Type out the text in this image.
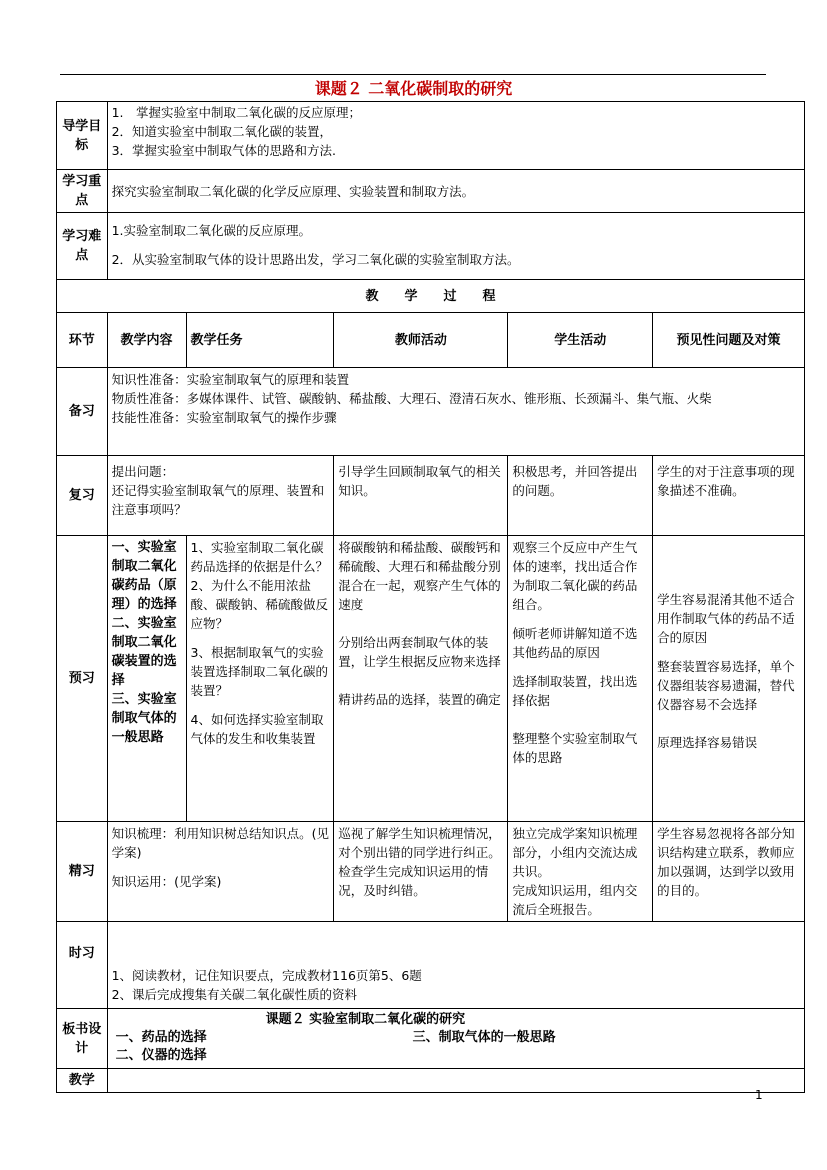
课题２ 二氧化碳制取的研究
导学目标	1.　掌握实验室中制取二氧化碳的反应原理；
2．知道实验室中制取二氧化碳的装置，
3．掌握实验室中制取气体的思路和方法.				

学习重点	探究实验室制取二氧化碳的化学反应原理、实验装置和制取方法。				
学习难点	1.实验室制取二氧化碳的反应原理。
2．从实验室制取气体的设计思路出发，学习二氧化碳的实验室制取方法。				

教　　学　　过　　程					
环节	教学内容	教学任务	教师活动	学生活动	预见性问题及对策
备习	知识性准备：实验室制取氧气的原理和装置
物质性准备：多媒体课件、试管、碳酸钠、稀盐酸、大理石、澄清石灰水、锥形瓶、长颈漏斗、集气瓶、火柴
技能性准备：实验室制取氧气的操作步骤				

复习	提出问题：
还记得实验室制取氧气的原理、装置和注意事项吗？		引导学生回顾制取氧气的相关知识。	积极思考，并回答提出的问题。	学生的对于注意事项的现象描述不准确。
预习	一、实验室制取二氧化碳药品（原理）的选择
二、实验室制取二氧化碳装置的选择
三、实验室制取气体的一般思路	1、实验室制取二氧化碳药品选择的依据是什么？
2、为什么不能用浓盐酸、碳酸钠、稀硫酸做反应物？
3、根据制取氧气的实验装置选择制取二氧化碳的装置？
4、如何选择实验室制取气体的发生和收集装置	将碳酸钠和稀盐酸、碳酸钙和稀硫酸、大理石和稀盐酸分别混合在一起，观察产生气体的速度
分别给出两套制取气体的装置，让学生根据反应物来选择
精讲药品的选择，装置的确定	观察三个反应中产生气体的速率，找出适合作为制取二氧化碳的药品组合。
倾听老师讲解知道不选其他药品的原因
选择制取装置，找出选择依据
整理整个实验室制取气体的思路	学生容易混淆其他不适合用作制取气体的药品不适合的原因
整套装置容易选择，单个仪器组装容易遗漏，替代仪器容易不会选择
原理选择容易错误

精习	知识梳理：利用知识树总结知识点。(见学案)
知识运用：(见学案)		巡视了解学生知识梳理情况，对个别出错的同学进行纠正。
检查学生完成知识运用的情况，及时纠错。	独立完成学案知识梳理部分，小组内交流达成共识。
完成知识运用，组内交流后全班报告。	学生容易忽视将各部分知识结构建立联系，教师应加以强调，达到学以致用的目的。
时习	1、阅读教材，记住知识要点，完成教材116页第5、6题
2、课后完成搜集有关碳二氧化碳性质的资料				

板书设计	课题２ 实验室制取二氧化碳的研究
一、药品的选择 三、制取气体的一般思路
二、仪器的选择				

教学					
1
